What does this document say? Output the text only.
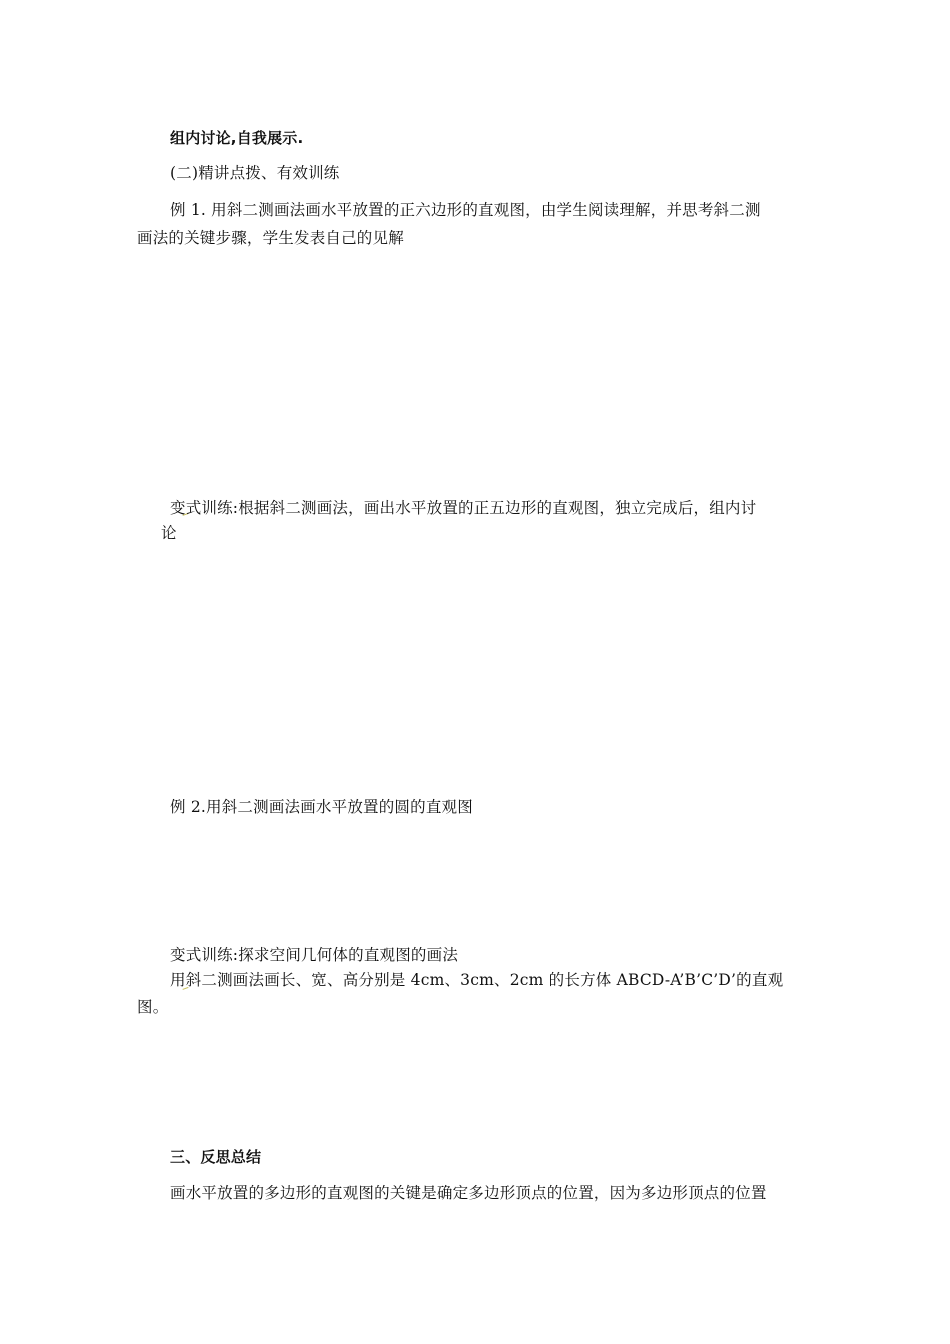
组内讨论,自我展示.
(二)精讲点拨、有效训练
例 1. 用斜二测画法画水平放置的正六边形的直观图，由学生阅读理解，并思考斜二测
画法的关键步骤，学生发表自己的见解
变式训练:根据斜二测画法，画出水平放置的正五边形的直观图，独立完成后，组内讨
论
例 2.用斜二测画法画水平放置的圆的直观图
变式训练:探求空间几何体的直观图的画法
用斜二测画法画长、宽、高分别是 4cm、3cm、2cm 的长方体 ABCD-A’B’C’D’的直观
图。
三、反思总结
画水平放置的多边形的直观图的关键是确定多边形顶点的位置，因为多边形顶点的位置
